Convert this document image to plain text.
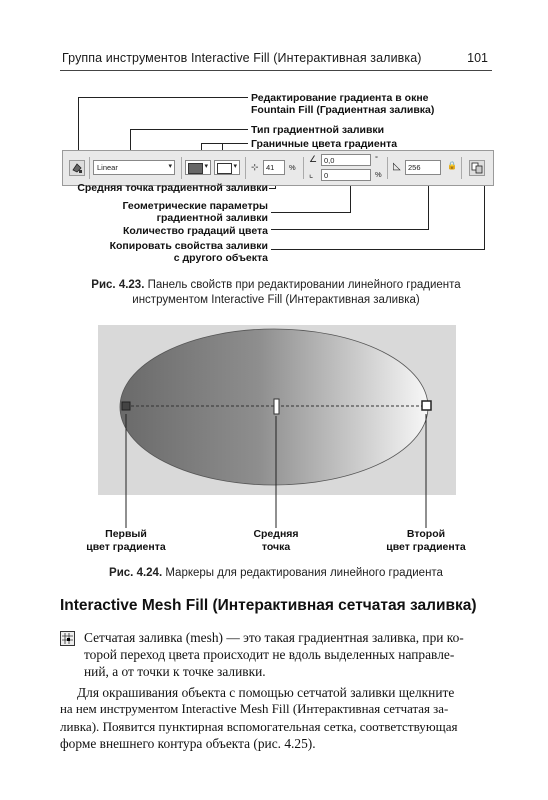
Группа инструментов Interactive Fill (Интерактивная заливка)	101
Редактирование градиента в окне
Fountain Fill (Градиентная заливка)
Тип градиентной заливки
Граничные цвета градиента
Linear	▾	▾	▾ ⊹ 41	%
∠ 0,0	°
⌞	0	%
◺ 256	🔒
Средняя точка градиентной заливки
Геометрические параметры
градиентной заливки
Количество градаций цвета
Копировать свойства заливки
с другого объекта
Рис. 4.23. Панель свойств при редактировании линейного градиента
инструментом Interactive Fill (Интерактивная заливка)
Первый
цвет градиента
Средняя
точка
Второй
цвет градиента
Рис. 4.24. Маркеры для редактирования линейного градиента
Interactive Mesh Fill (Интерактивная сетчатая заливка)
Сетчатая заливка (mesh) — это такая градиентная заливка, при ко-
торой переход цвета происходит не вдоль выделенных направле-
ний, а от точки к точке заливки.
Для окрашивания объекта с помощью сетчатой заливки щелкните
на нем инструментом Interactive Mesh Fill (Интерактивная сетчатая за-
ливка). Появится пунктирная вспомогательная сетка, соответствующая
форме внешнего контура объекта (рис. 4.25).
